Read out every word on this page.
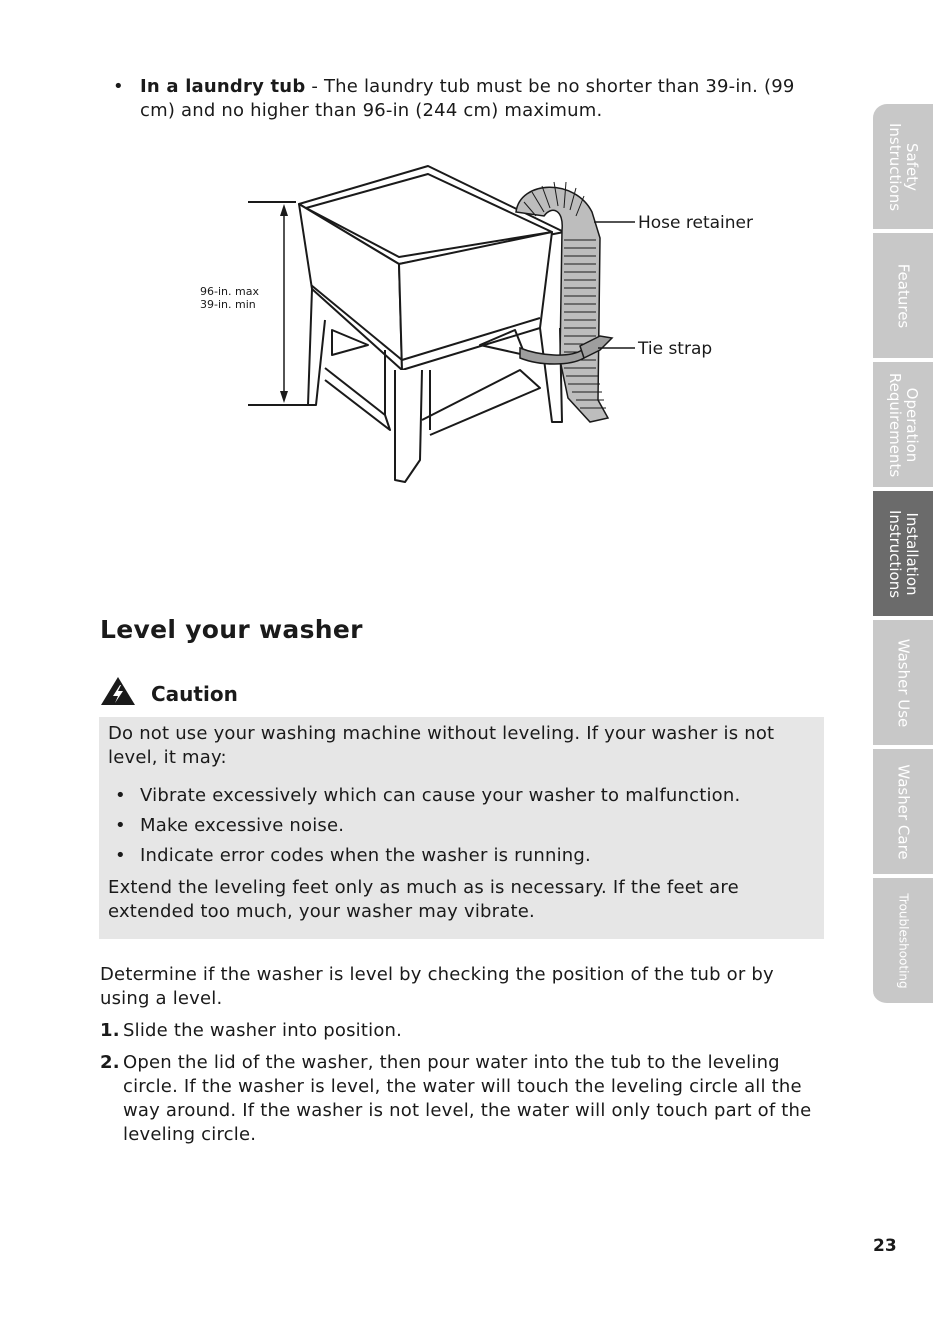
• In a laundry tub - The laundry tub must be no shorter than 39-in. (99 cm) and no higher than 96-in (244 cm) maximum.
96-in. max
39-in. min
Hose retainer
Tie strap
Level your washer
Caution
Do not use your washing machine without leveling. If your washer is not level, it may:
• Vibrate excessively which can cause your washer to malfunction.
• Make excessive noise.
• Indicate error codes when the washer is running.
Extend the leveling feet only as much as is necessary. If the feet are extended too much, your washer may vibrate.
Determine if the washer is level by checking the position of the tub or by using a level.
1. Slide the washer into position.
2. Open the lid of the washer, then pour water into the tub to the leveling circle. If the washer is level, the water will touch the leveling circle all the way around. If the washer is not level, the water will only touch part of the leveling circle.
Safety
Instructions
Features
Operation
Requirements
Installation
Instructions
Washer Use
Washer Care
Troubleshooting
23
